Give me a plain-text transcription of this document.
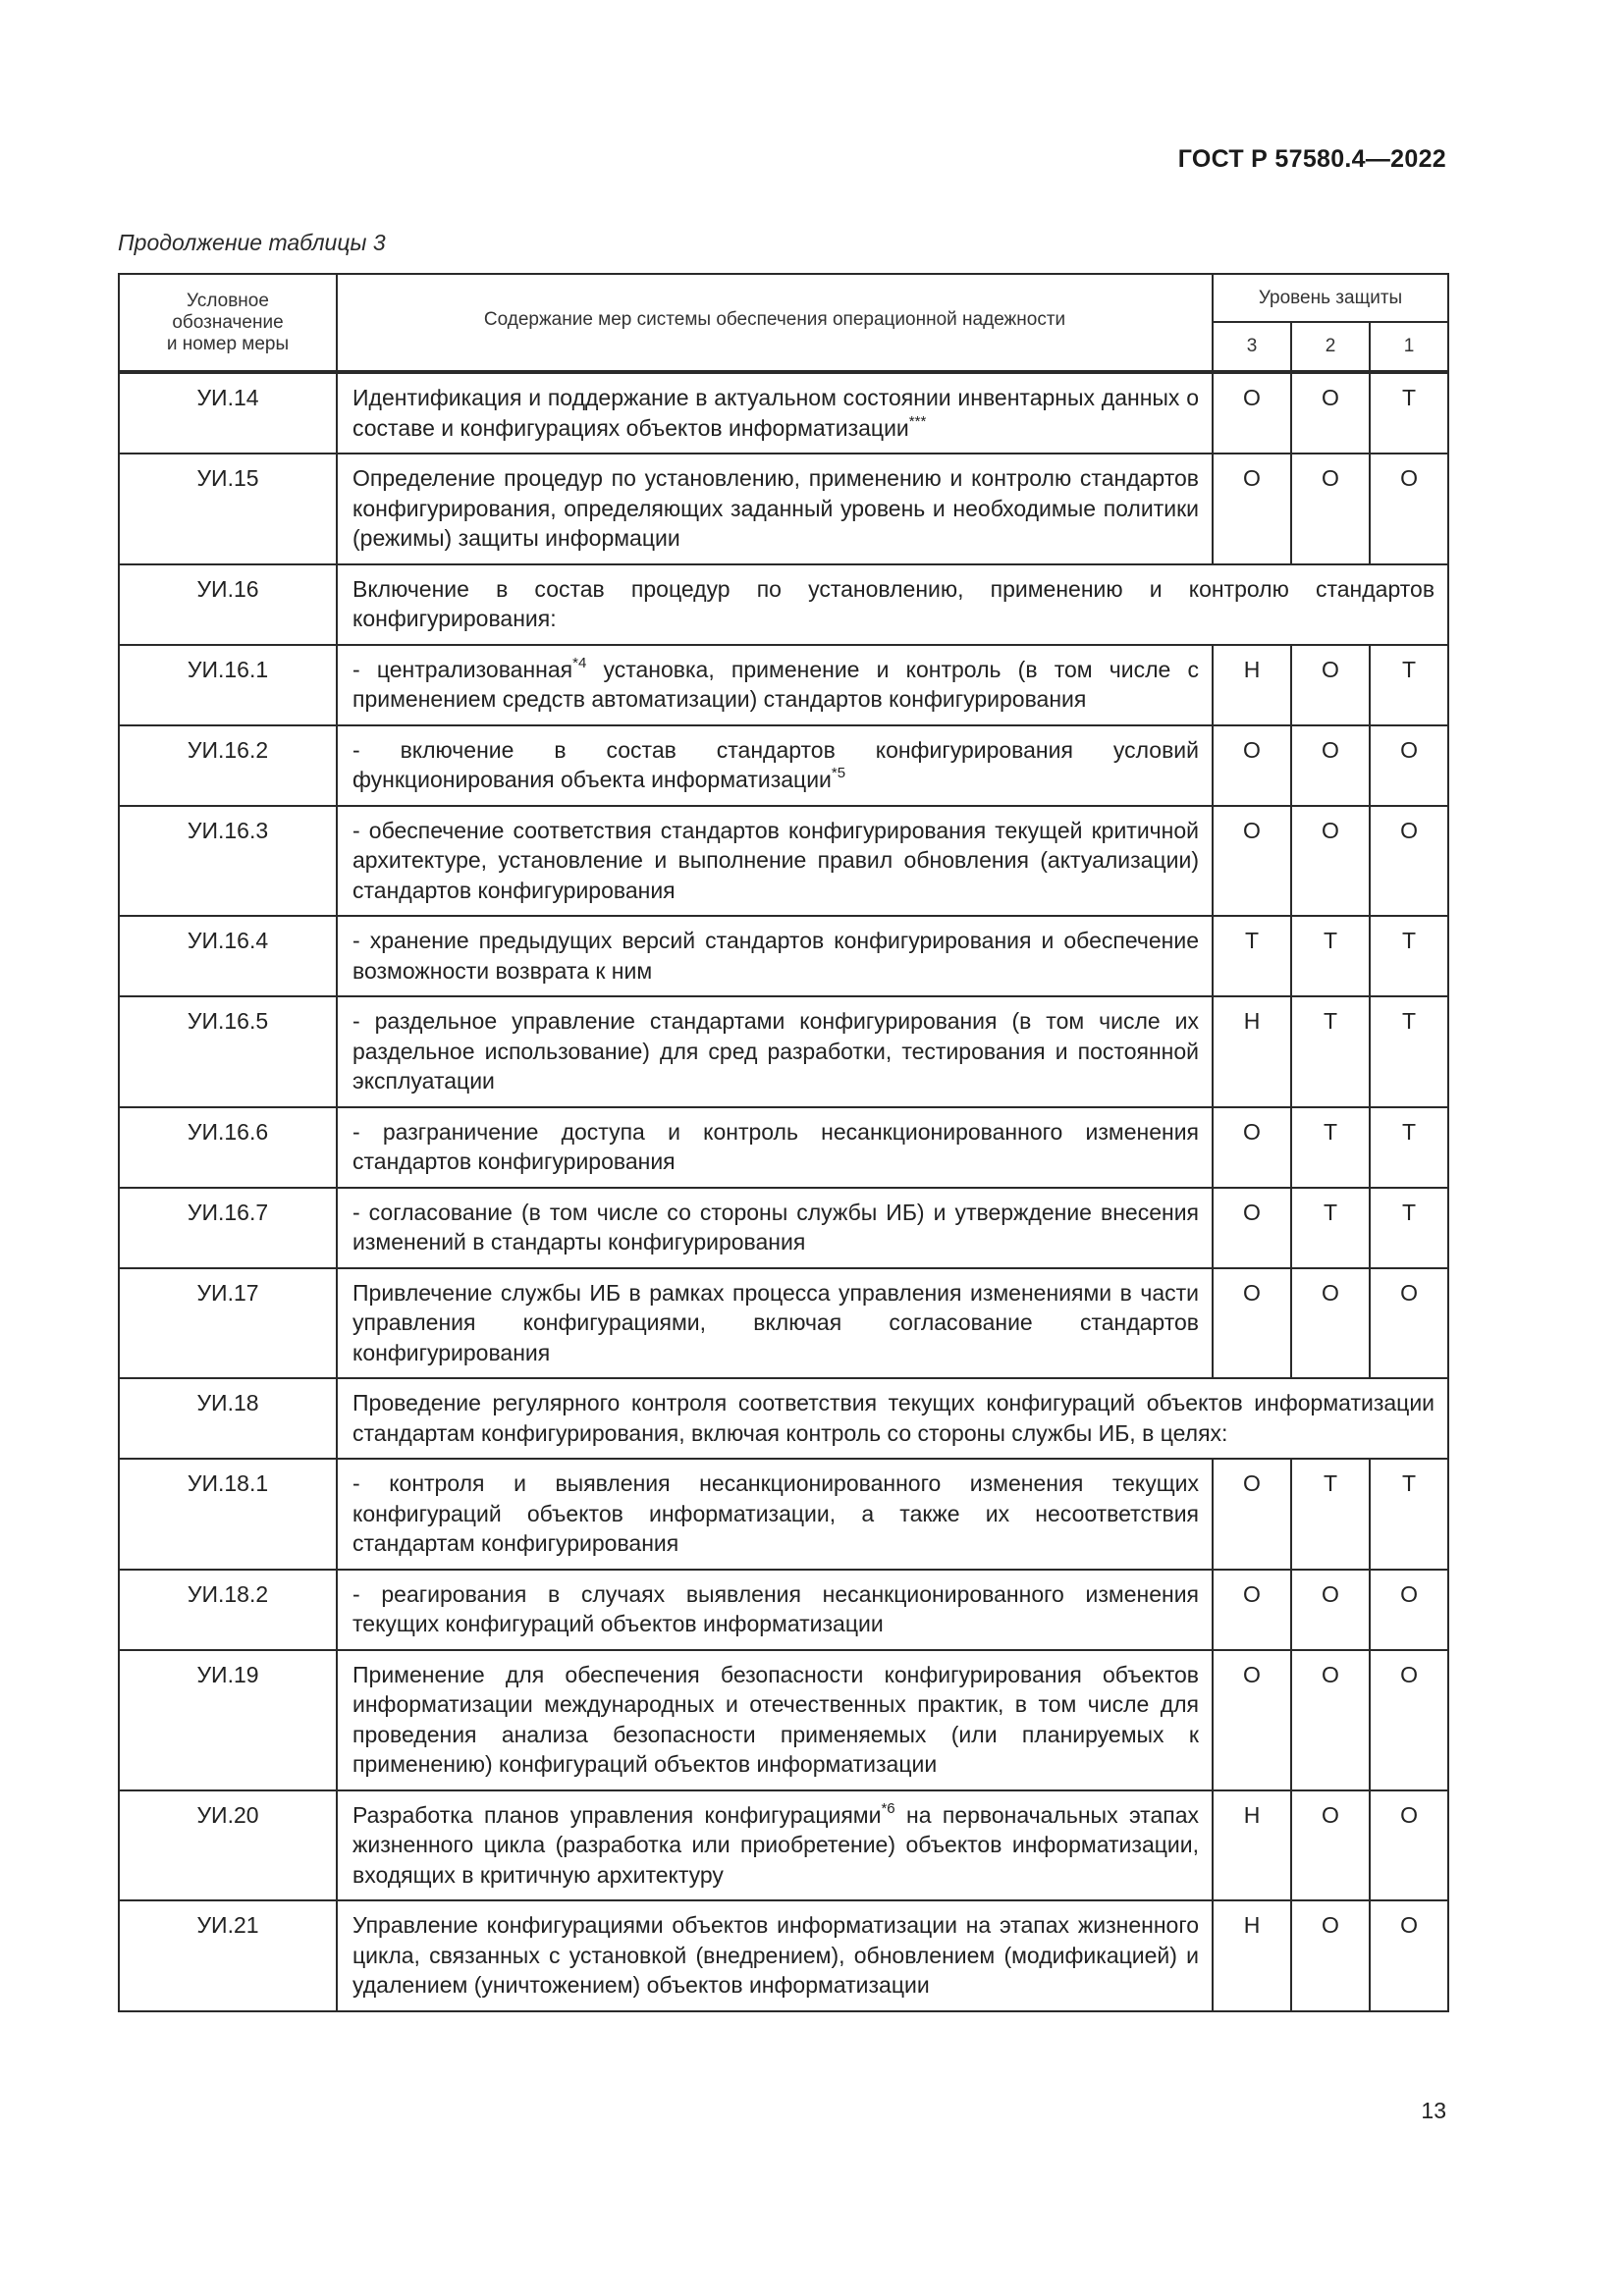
ГОСТ Р 57580.4—2022
Продолжение таблицы 3
Условное
обозначение
и номер меры	Содержание мер системы обеспечения операционной надежности	Уровень защиты		
		3	2	1
УИ.14	Идентификация и поддержание в актуальном состоянии инвентарных данных о составе и конфигурациях объектов информатизации***	О	О	Т
УИ.15	Определение процедур по установлению, применению и контролю стандартов конфигурирования, определяющих заданный уровень и необходимые политики (режимы) защиты информации	О	О	О
УИ.16	Включение в состав процедур по установлению, применению и контролю стандартов конфигурирования:			
УИ.16.1	- централизованная$^{*4}$ установка, применение и контроль (в том числе с применением средств автоматизации) стандартов конфигурирования	Н	О	Т
УИ.16.2	- включение в состав стандартов конфигурирования условий функционирования объекта информатизации$^{*5}$	О	О	О
УИ.16.3	- обеспечение соответствия стандартов конфигурирования текущей критичной архитектуре, установление и выполнение правил обновления (актуализации) стандартов конфигурирования	О	О	О
УИ.16.4	- хранение предыдущих версий стандартов конфигурирования и обеспечение возможности возврата к ним	Т	Т	Т
УИ.16.5	- раздельное управление стандартами конфигурирования (в том числе их раздельное использование) для сред разработки, тестирования и постоянной эксплуатации	Н	Т	Т
УИ.16.6	- разграничение доступа и контроль несанкционированного изменения стандартов конфигурирования	О	Т	Т
УИ.16.7	- согласование (в том числе со стороны службы ИБ) и утверждение внесения изменений в стандарты конфигурирования	О	Т	Т
УИ.17	Привлечение службы ИБ в рамках процесса управления изменениями в части управления конфигурациями, включая согласование стандартов конфигурирования	О	О	О
УИ.18	Проведение регулярного контроля соответствия текущих конфигураций объектов информатизации стандартам конфигурирования, включая контроль со стороны службы ИБ, в целях:			
УИ.18.1	- контроля и выявления несанкционированного изменения текущих конфигураций объектов информатизации, а также их несоответствия стандартам конфигурирования	О	Т	Т
УИ.18.2	- реагирования в случаях выявления несанкционированного изменения текущих конфигураций объектов информатизации	О	О	О
УИ.19	Применение для обеспечения безопасности конфигурирования объектов информатизации международных и отечественных практик, в том числе для проведения анализа безопасности применяемых (или планируемых к применению) конфигураций объектов информатизации	О	О	О
УИ.20	Разработка планов управления конфигурациями$^{*6}$ на первоначальных этапах жизненного цикла (разработка или приобретение) объектов информатизации, входящих в критичную архитектуру	Н	О	О
УИ.21	Управление конфигурациями объектов информатизации на этапах жизненного цикла, связанных с установкой (внедрением), обновлением (модификацией) и удалением (уничтожением) объектов информатизации	Н	О	О
13
